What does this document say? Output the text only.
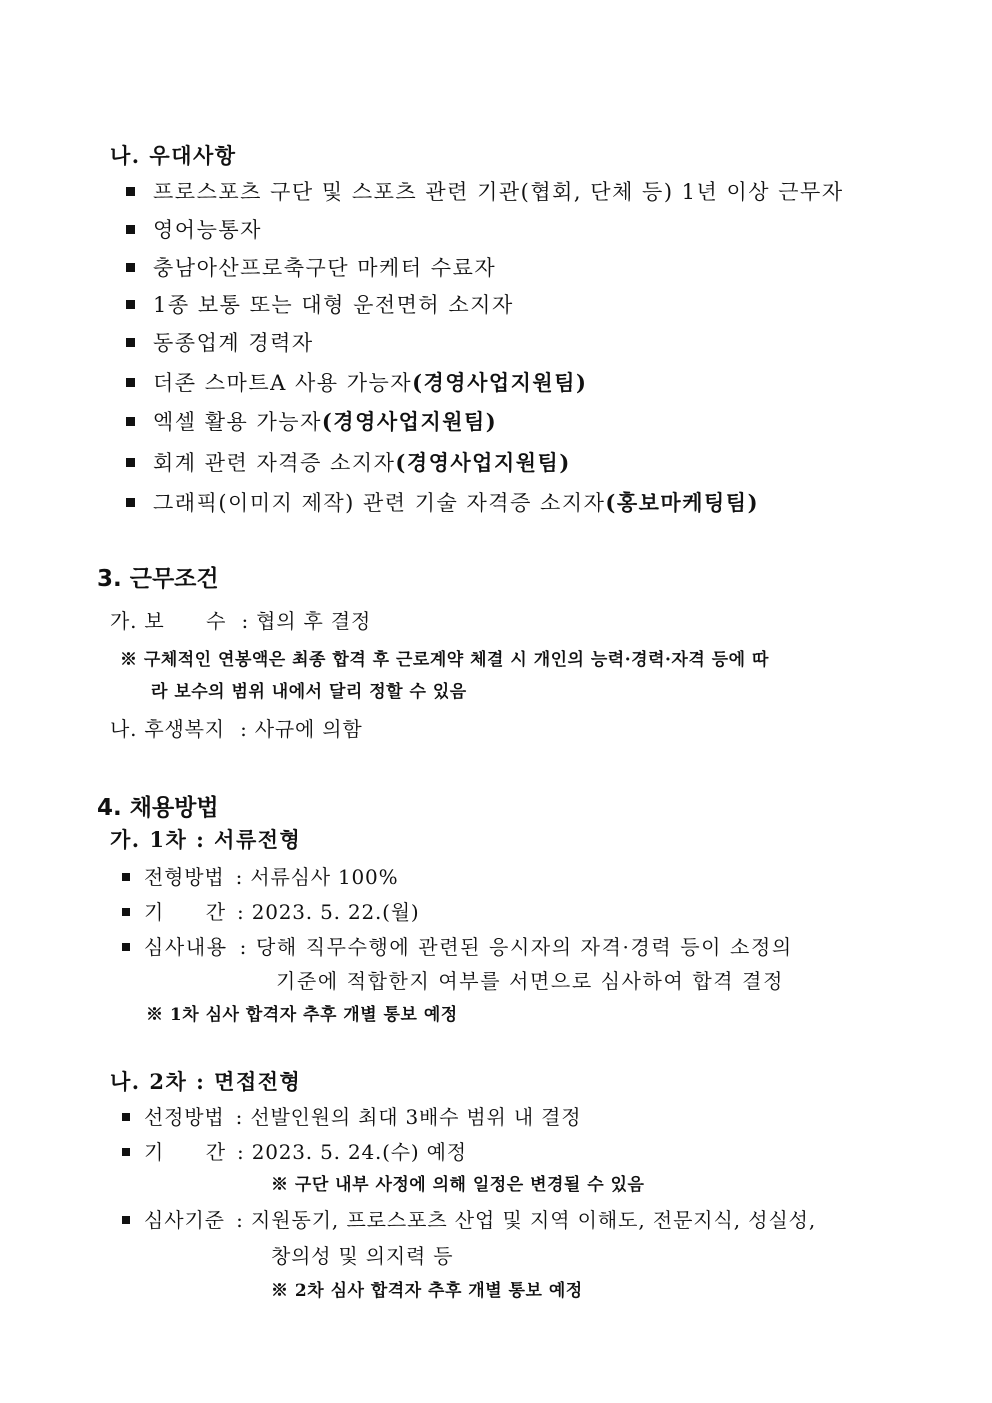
나. 우대사항
프로스포츠 구단 및 스포츠 관련 기관(협회, 단체 등) 1년 이상 근무자
영어능통자
충남아산프로축구단 마케터 수료자
1종 보통 또는 대형 운전면허 소지자
동종업계 경력자
더존 스마트A 사용 가능자(경영사업지원팀)
엑셀 활용 가능자(경영사업지원팀)
회계 관련 자격증 소지자(경영사업지원팀)
그래픽(이미지 제작) 관련 기술 자격증 소지자(홍보마케팅팀)
3. 근무조건
가. 보　　수 : 협의 후 결정
※ 구체적인 연봉액은 최종 합격 후 근로계약 체결 시 개인의 능력·경력·자격 등에 따
라 보수의 범위 내에서 달리 정할 수 있음
나. 후생복지 : 사규에 의함
4. 채용방법
가. 1차 : 서류전형
전형방법 : 서류심사 100%
기　　간 : 2023. 5. 22.(월)
심사내용 : 당해 직무수행에 관련된 응시자의 자격·경력 등이 소정의
기준에 적합한지 여부를 서면으로 심사하여 합격 결정
※ 1차 심사 합격자 추후 개별 통보 예정
나. 2차 : 면접전형
선정방법 : 선발인원의 최대 3배수 범위 내 결정
기　　간 : 2023. 5. 24.(수) 예정
※ 구단 내부 사정에 의해 일정은 변경될 수 있음
심사기준 : 지원동기, 프로스포츠 산업 및 지역 이해도, 전문지식, 성실성,
창의성 및 의지력 등
※ 2차 심사 합격자 추후 개별 통보 예정
